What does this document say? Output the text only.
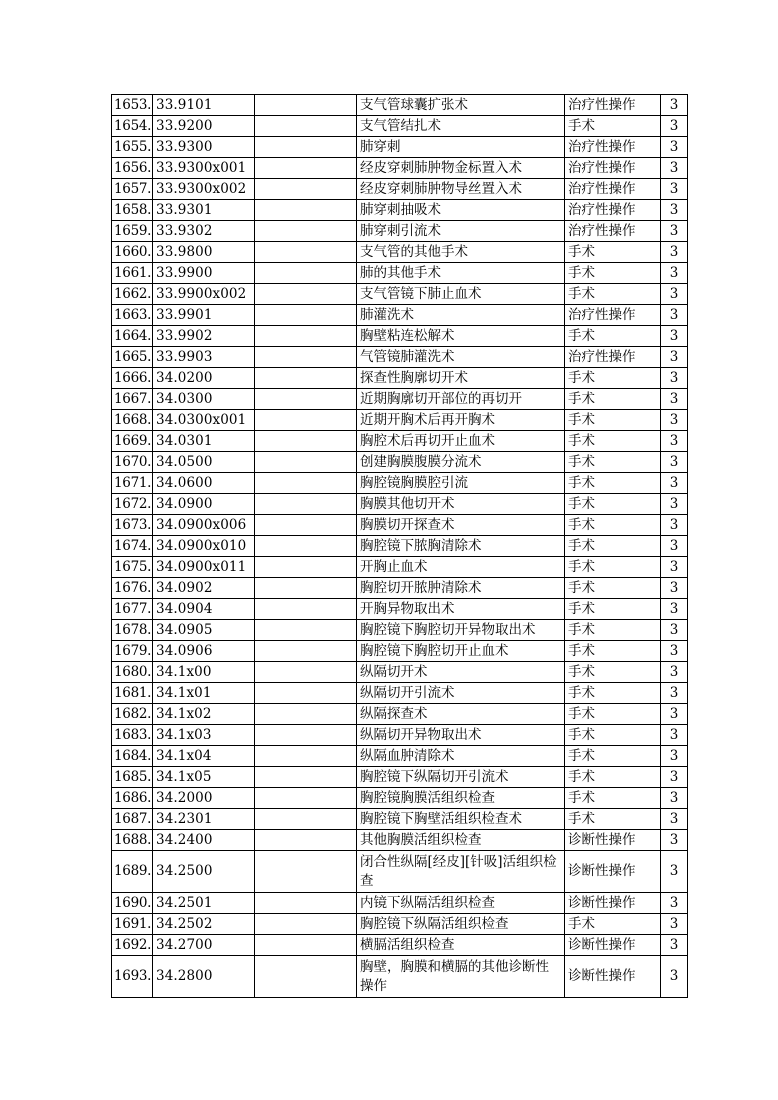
1653.	33.9101		支气管球囊扩张术	治疗性操作	3
1654.	33.9200		支气管结扎术	手术	3
1655.	33.9300		肺穿刺	治疗性操作	3
1656.	33.9300x001		经皮穿刺肺肿物金标置入术	治疗性操作	3
1657.	33.9300x002		经皮穿刺肺肿物导丝置入术	治疗性操作	3
1658.	33.9301		肺穿刺抽吸术	治疗性操作	3
1659.	33.9302		肺穿刺引流术	治疗性操作	3
1660.	33.9800		支气管的其他手术	手术	3
1661.	33.9900		肺的其他手术	手术	3
1662.	33.9900x002		支气管镜下肺止血术	手术	3
1663.	33.9901		肺灌洗术	治疗性操作	3
1664.	33.9902		胸壁粘连松解术	手术	3
1665.	33.9903		气管镜肺灌洗术	治疗性操作	3
1666.	34.0200		探查性胸廓切开术	手术	3
1667.	34.0300		近期胸廓切开部位的再切开	手术	3
1668.	34.0300x001		近期开胸术后再开胸术	手术	3
1669.	34.0301		胸腔术后再切开止血术	手术	3
1670.	34.0500		创建胸膜腹膜分流术	手术	3
1671.	34.0600		胸腔镜胸膜腔引流	手术	3
1672.	34.0900		胸膜其他切开术	手术	3
1673.	34.0900x006		胸膜切开探查术	手术	3
1674.	34.0900x010		胸腔镜下脓胸清除术	手术	3
1675.	34.0900x011		开胸止血术	手术	3
1676.	34.0902		胸腔切开脓肿清除术	手术	3
1677.	34.0904		开胸异物取出术	手术	3
1678.	34.0905		胸腔镜下胸腔切开异物取出术	手术	3
1679.	34.0906		胸腔镜下胸腔切开止血术	手术	3
1680.	34.1x00		纵隔切开术	手术	3
1681.	34.1x01		纵隔切开引流术	手术	3
1682.	34.1x02		纵隔探查术	手术	3
1683.	34.1x03		纵隔切开异物取出术	手术	3
1684.	34.1x04		纵隔血肿清除术	手术	3
1685.	34.1x05		胸腔镜下纵隔切开引流术	手术	3
1686.	34.2000		胸腔镜胸膜活组织检查	手术	3
1687.	34.2301		胸腔镜下胸壁活组织检查术	手术	3
1688.	34.2400		其他胸膜活组织检查	诊断性操作	3
1689.	34.2500		闭合性纵隔[经皮][针吸]活组织检查	诊断性操作	3
1690.	34.2501		内镜下纵隔活组织检查	诊断性操作	3
1691.	34.2502		胸腔镜下纵隔活组织检查	手术	3
1692.	34.2700		横膈活组织检查	诊断性操作	3
1693.	34.2800		胸壁，胸膜和横膈的其他诊断性操作	诊断性操作	3
